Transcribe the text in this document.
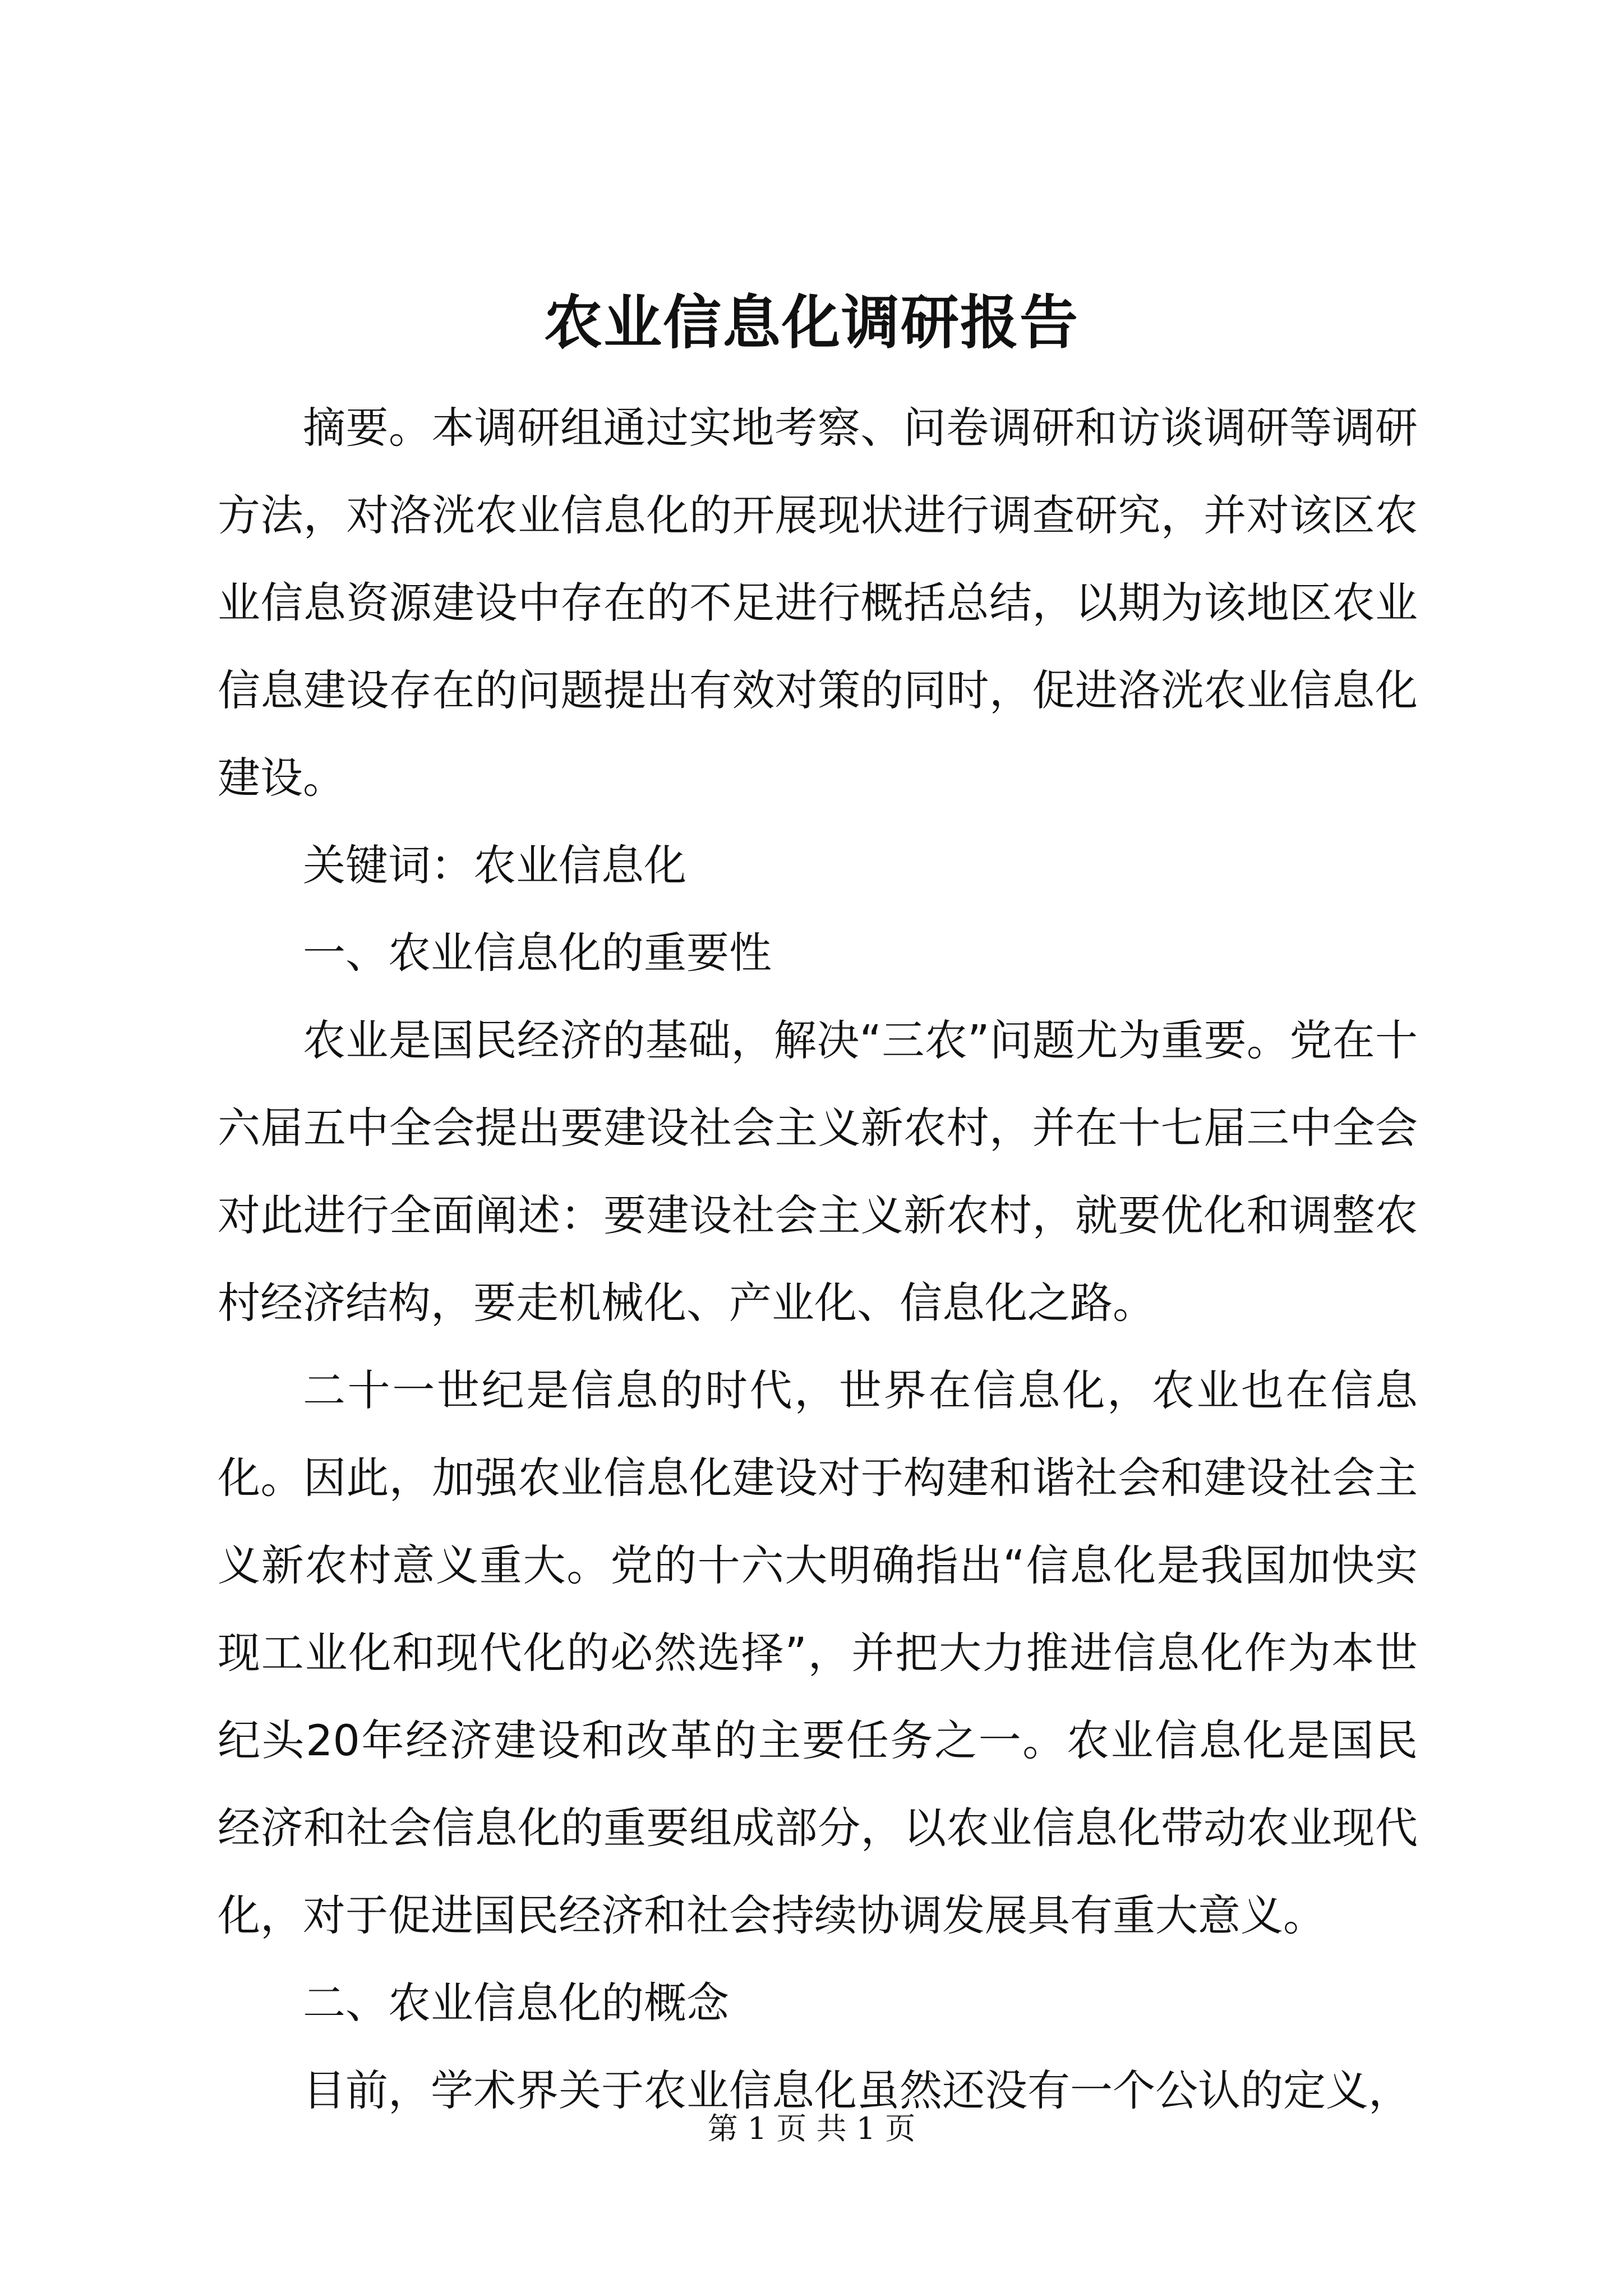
农业信息化调研报告

摘要。本调研组通过实地考察、问卷调研和访谈调研等调研方法，对洛洸农业信息化的开展现状进行调查研究，并对该区农业信息资源建设中存在的不足进行概括总结，以期为该地区农业信息建设存在的问题提出有效对策的同时，促进洛洸农业信息化建设。

关键词：农业信息化

一、农业信息化的重要性

农业是国民经济的基础，解决“三农”问题尤为重要。党在十六届五中全会提出要建设社会主义新农村，并在十七届三中全会对此进行全面阐述：要建设社会主义新农村，就要优化和调整农村经济结构，要走机械化、产业化、信息化之路。

二十一世纪是信息的时代，世界在信息化，农业也在信息化。因此，加强农业信息化建设对于构建和谐社会和建设社会主义新农村意义重大。党的十六大明确指出“信息化是我国加快实现工业化和现代化的必然选择”，并把大力推进信息化作为本世纪头20年经济建设和改革的主要任务之一。农业信息化是国民经济和社会信息化的重要组成部分，以农业信息化带动农业现代化，对于促进国民经济和社会持续协调发展具有重大意义。

二、农业信息化的概念

目前，学术界关于农业信息化虽然还没有一个公认的定义，

第 1 页 共 1 页
